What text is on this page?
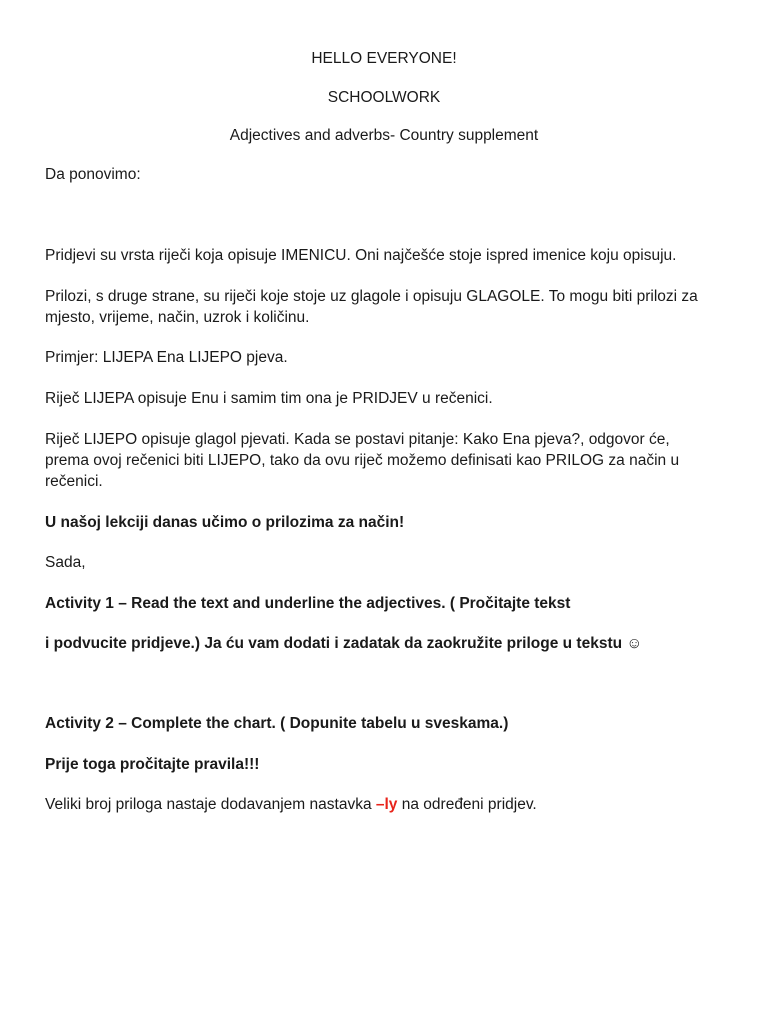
HELLO EVERYONE!
SCHOOLWORK
Adjectives and adverbs- Country supplement
Da ponovimo:
Pridjevi su vrsta riječi koja opisuje IMENICU. Oni najčešće stoje ispred imenice koju opisuju.
Prilozi, s druge strane, su riječi koje stoje uz glagole i opisuju GLAGOLE. To mogu biti prilozi za
mjesto, vrijeme, način, uzrok i količinu.
Primjer: LIJEPA Ena LIJEPO pjeva.
Riječ LIJEPA opisuje Enu i samim tim ona je PRIDJEV u rečenici.
Riječ LIJEPO opisuje glagol pjevati. Kada se postavi pitanje: Kako Ena pjeva?, odgovor će,
prema ovoj rečenici biti LIJEPO, tako da ovu riječ možemo definisati kao PRILOG za način u
rečenici.
U našoj lekciji danas učimo o prilozima za način!
Sada,
Activity 1 – Read the text and underline the adjectives. ( Pročitajte tekst
i podvucite pridjeve.) Ja ću vam dodati i zadatak da zaokružite priloge u tekstu ☺
Activity 2 – Complete the chart. ( Dopunite tabelu u sveskama.)
Prije toga pročitajte pravila!!!
Veliki broj priloga nastaje dodavanjem nastavka –ly na određeni pridjev.
